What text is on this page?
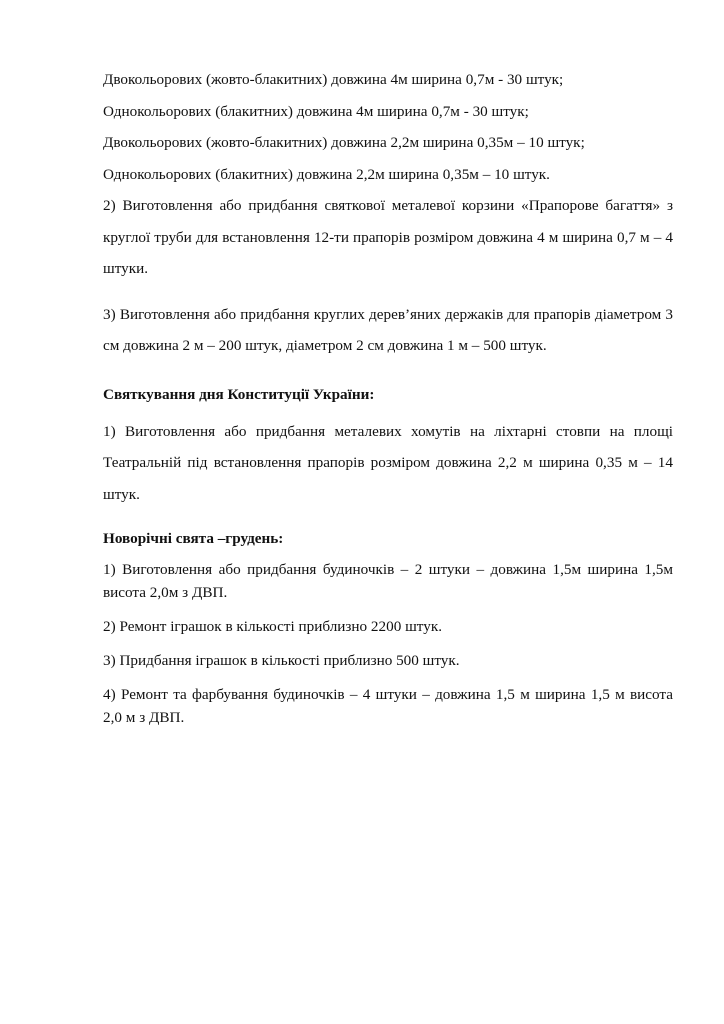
Двокольорових (жовто-блакитних) довжина 4м ширина 0,7м - 30 штук;

Однокольорових (блакитних) довжина 4м ширина 0,7м - 30 штук;

Двокольорових (жовто-блакитних) довжина 2,2м ширина 0,35м – 10 штук;

Однокольорових (блакитних) довжина 2,2м ширина 0,35м – 10 штук.

2) Виготовлення або придбання святкової металевої корзини «Прапорове багаття» з круглої труби для встановлення 12-ти прапорів розміром довжина 4 м ширина 0,7 м – 4 штуки.

3) Виготовлення або придбання круглих дерев’яних держаків для прапорів діаметром 3 см довжина 2 м – 200 штук, діаметром 2 см довжина 1 м – 500 штук.

Святкування дня Конституції України:

1) Виготовлення або придбання металевих хомутів на ліхтарні стовпи на площі Театральній під встановлення прапорів розміром довжина 2,2 м ширина 0,35 м – 14 штук.

Новорічні свята –грудень:

1) Виготовлення або придбання будиночків – 2 штуки – довжина 1,5м ширина 1,5м висота 2,0м з ДВП.

2) Ремонт іграшок в кількості приблизно 2200 штук.

3) Придбання іграшок в кількості приблизно 500 штук.

4) Ремонт та фарбування будиночків – 4 штуки – довжина 1,5 м ширина 1,5 м висота 2,0 м з ДВП.
